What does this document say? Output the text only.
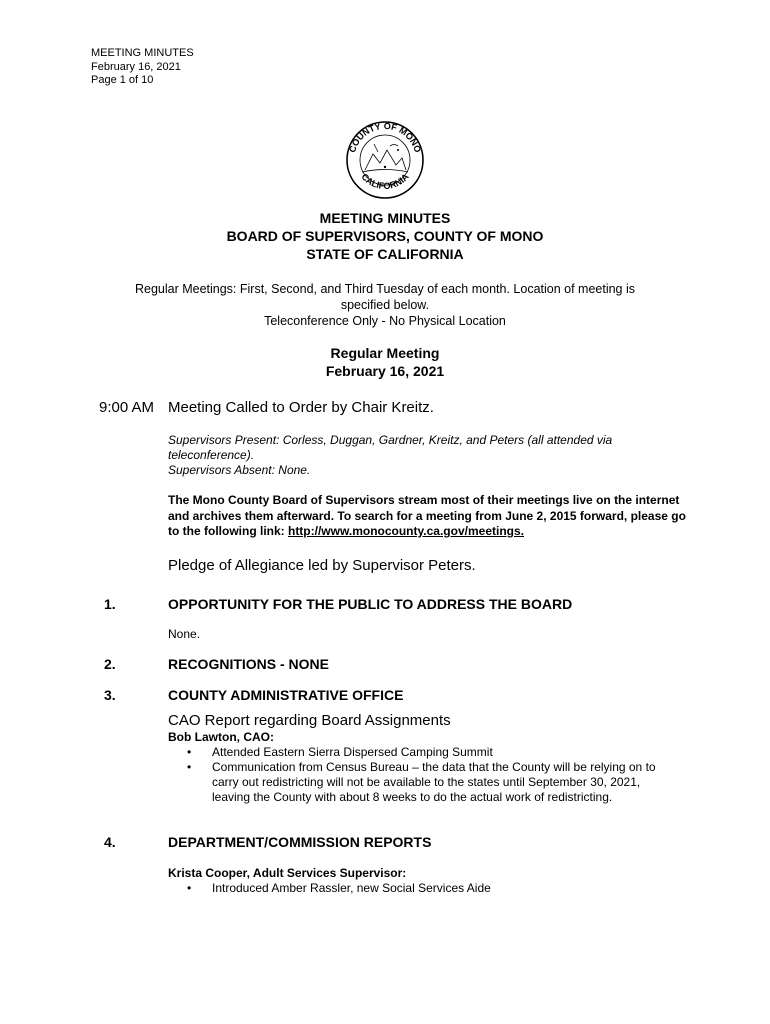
MEETING MINUTES
February 16, 2021
Page 1 of 10
COUNTY OF MONO
CALIFORNIA
MEETING MINUTES
BOARD OF SUPERVISORS, COUNTY OF MONO
STATE OF CALIFORNIA
Regular Meetings: First, Second, and Third Tuesday of each month. Location of meeting is
specified below.
Teleconference Only - No Physical Location
Regular Meeting
February 16, 2021
9:00 AM Meeting Called to Order by Chair Kreitz.
Supervisors Present: Corless, Duggan, Gardner, Kreitz, and Peters (all attended via teleconference).
Supervisors Absent: None.
The Mono County Board of Supervisors stream most of their meetings live on the internet and archives them afterward. To search for a meeting from June 2, 2015 forward, please go to the following link: http://www.monocounty.ca.gov/meetings.
Pledge of Allegiance led by Supervisor Peters.
1.	OPPORTUNITY FOR THE PUBLIC TO ADDRESS THE BOARD
None.
2.	RECOGNITIONS - NONE
3.	COUNTY ADMINISTRATIVE OFFICE
CAO Report regarding Board Assignments
Bob Lawton, CAO:
• Attended Eastern Sierra Dispersed Camping Summit
• Communication from Census Bureau – the data that the County will be relying on to carry out redistricting will not be available to the states until September 30, 2021, leaving the County with about 8 weeks to do the actual work of redistricting.
4.	DEPARTMENT/COMMISSION REPORTS
Krista Cooper, Adult Services Supervisor:
• Introduced Amber Rassler, new Social Services Aide
